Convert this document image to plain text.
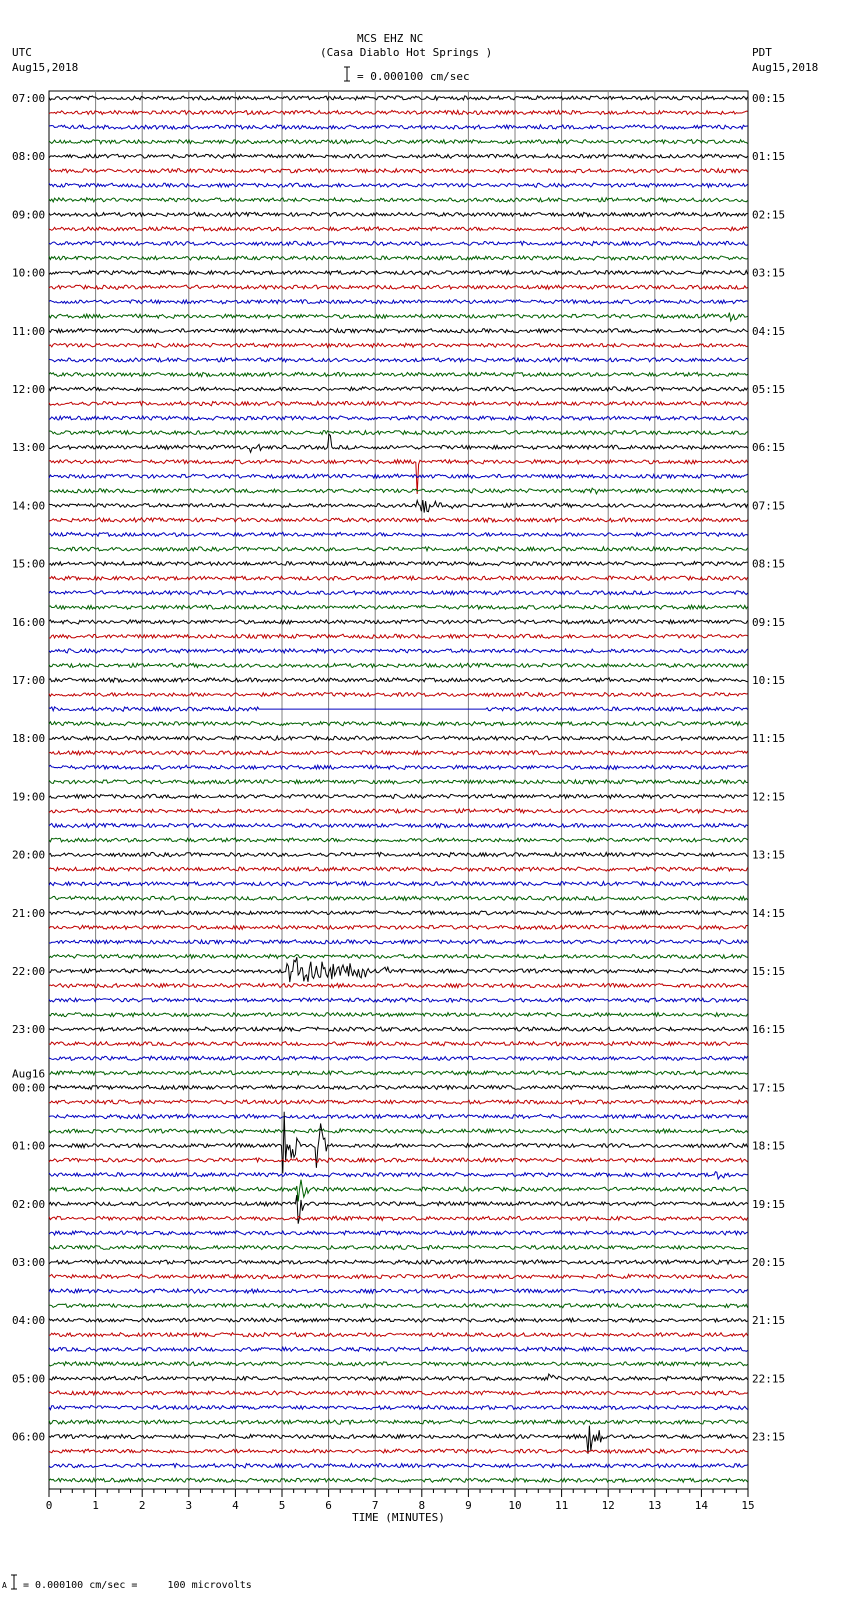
MCS EHZ NC
(Casa Diablo Hot Springs )
= 0.000100 cm/sec
UTC
Aug15,2018
PDT
Aug15,2018
07:00
08:00
09:00
10:00
11:00
12:00
13:00
14:00
15:00
16:00
17:00
18:00
19:00
20:00
21:00
22:00
23:00
00:00
Aug16
01:00
02:00
03:00
04:00
05:00
06:00
00:15
01:15
02:15
03:15
04:15
05:15
06:15
07:15
08:15
09:15
10:15
11:15
12:15
13:15
14:15
15:15
16:15
17:15
18:15
19:15
20:15
21:15
22:15
23:15
0	1	2	3	4	5	6	7	8	9	10	11	12	13	14	15
TIME (MINUTES)
A = 0.000100 cm/sec =     100 microvolts
